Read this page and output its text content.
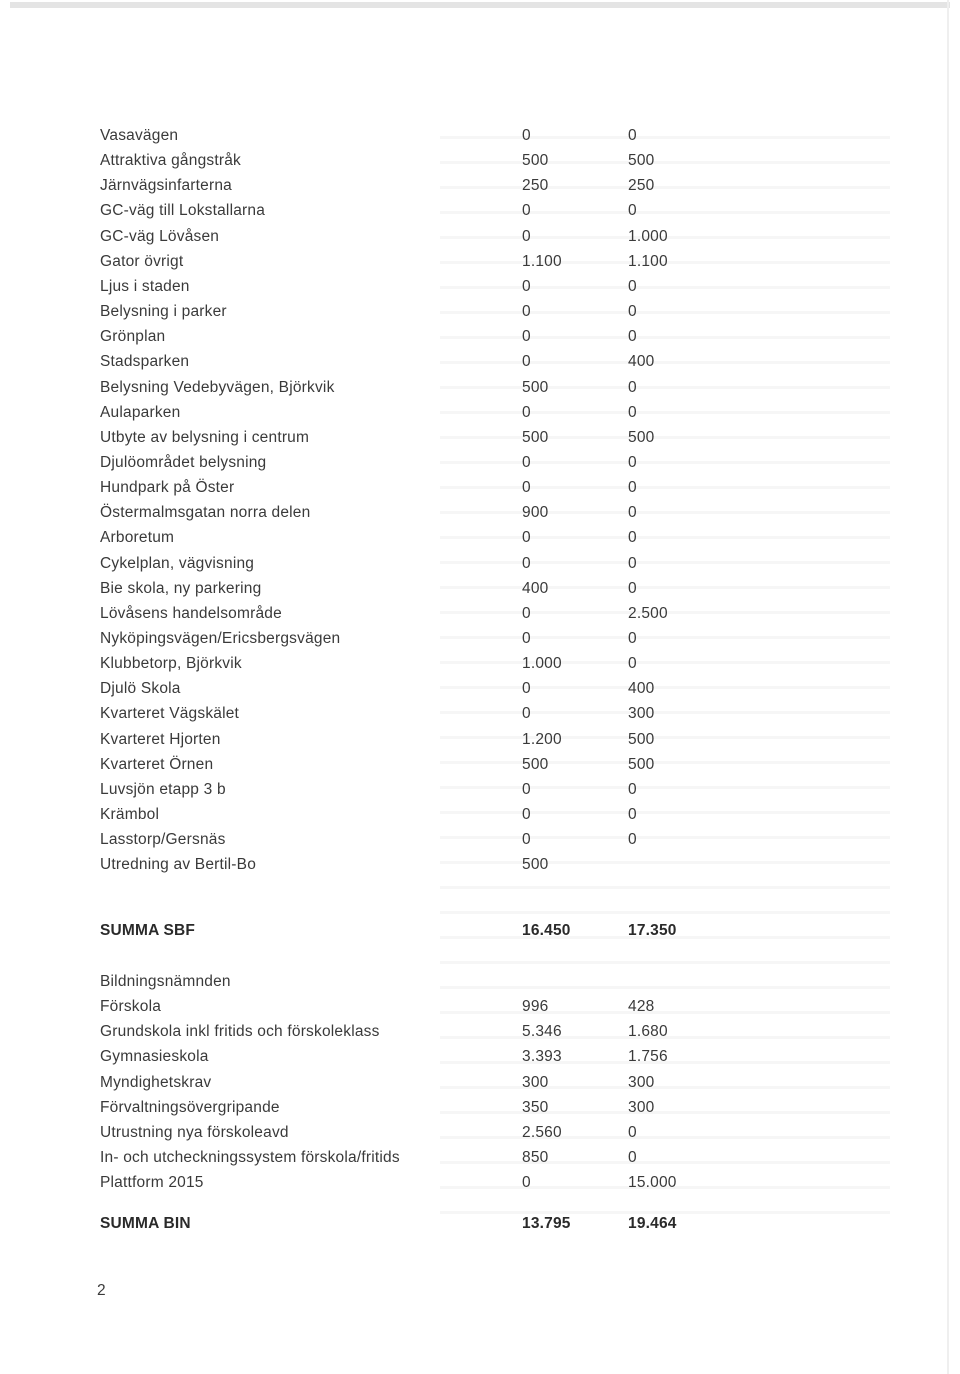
Vasavägen	0	0
Attraktiva gångstråk	500	500
Järnvägsinfarterna	250	250
GC-väg till Lokstallarna	0	0
GC-väg Lövåsen	0	1.000
Gator övrigt	1.100	1.100
Ljus i staden	0	0
Belysning i parker	0	0
Grönplan	0	0
Stadsparken	0	400
Belysning Vedebyvägen, Björkvik	500	0
Aulaparken	0	0
Utbyte av belysning i centrum	500	500
Djulöområdet belysning	0	0
Hundpark på Öster	0	0
Östermalmsgatan norra delen	900	0
Arboretum	0	0
Cykelplan, vägvisning	0	0
Bie skola, ny parkering	400	0
Lövåsens handelsområde	0	2.500
Nyköpingsvägen/Ericsbergsvägen	0	0
Klubbetorp, Björkvik	1.000	0
Djulö Skola	0	400
Kvarteret Vägskälet	0	300
Kvarteret Hjorten	1.200	500
Kvarteret Örnen	500	500
Luvsjön etapp 3 b	0	0
Krämbol	0	0
Lasstorp/Gersnäs	0	0
Utredning av Bertil-Bo	500
SUMMA SBF	16.450	17.350
Bildningsnämnden
Förskola	996	428
Grundskola inkl fritids och förskoleklass	5.346	1.680
Gymnasieskola	3.393	1.756
Myndighetskrav	300	300
Förvaltningsövergripande	350	300
Utrustning nya förskoleavd	2.560	0
In- och utcheckningssystem förskola/fritids	850	0
Plattform 2015	0	15.000
SUMMA BIN	13.795	19.464
2
